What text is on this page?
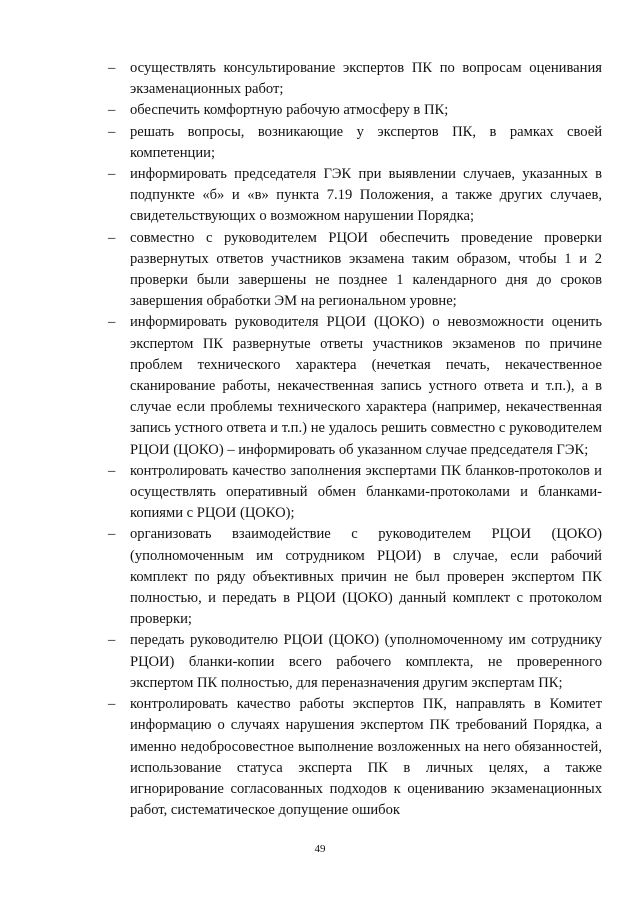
–	осуществлять консультирование экспертов ПК по вопросам оценивания экзаменационных работ;
–	обеспечить комфортную рабочую атмосферу в ПК;
–	решать вопросы, возникающие у экспертов ПК, в рамках своей компетенции;
–	информировать председателя ГЭК при выявлении случаев, указанных в подпункте «б» и «в» пункта 7.19 Положения, а также других случаев, свидетельствующих о возможном нарушении Порядка;
–	совместно с руководителем РЦОИ обеспечить проведение проверки развернутых ответов участников экзамена таким образом, чтобы 1 и 2 проверки были завершены не позднее 1 календарного дня до сроков завершения обработки ЭМ на региональном уровне;
–	информировать руководителя РЦОИ (ЦОКО) о невозможности оценить экспертом ПК развернутые ответы участников экзаменов по причине проблем технического характера (нечеткая печать, некачественное сканирование работы, некачественная запись устного ответа и т.п.), а в случае если проблемы технического характера (например, некачественная запись устного ответа и т.п.) не удалось решить совместно с руководителем РЦОИ (ЦОКО) – информировать об указанном случае председателя ГЭК;
–	контролировать качество заполнения экспертами ПК бланков-протоколов и осуществлять оперативный обмен бланками-протоколами и бланками-копиями с РЦОИ (ЦОКО);
–	организовать взаимодействие с руководителем РЦОИ (ЦОКО) (уполномоченным им сотрудником РЦОИ) в случае, если рабочий комплект по ряду объективных причин не был проверен экспертом ПК полностью, и передать в РЦОИ (ЦОКО) данный комплект с протоколом проверки;
–	передать руководителю РЦОИ (ЦОКО) (уполномоченному им сотруднику РЦОИ) бланки-копии всего рабочего комплекта, не проверенного экспертом ПК полностью, для переназначения другим экспертам ПК;
–	контролировать качество работы экспертов ПК, направлять в Комитет информацию о случаях нарушения экспертом ПК требований Порядка, а именно недобросовестное выполнение возложенных на него обязанностей, использование статуса эксперта ПК в личных целях, а также игнорирование согласованных подходов к оцениванию экзаменационных работ, систематическое допущение ошибок
49
